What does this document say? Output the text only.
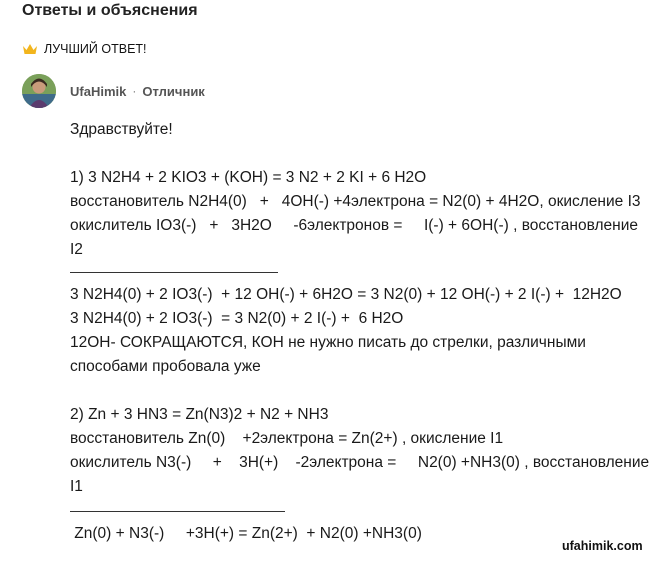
Ответы и объяснения
ЛУЧШИЙ ОТВЕТ!
UfaHimik · Отличник
Здравствуйте!
1) 3 N2H4 + 2 KIO3 + (KOH) = 3 N2 + 2 KI + 6 H2O
восстановитель N2H4(0)   +   4OH(-) +4электрона = N2(0) + 4H2O, окисление I3
окислитель IO3(-)   +   3H2O     -6электронов =     I(-) + 6OH(-) , восстановление
I2
3 N2H4(0) + 2 IO3(-)  + 12 OH(-) + 6H2O = 3 N2(0) + 12 OH(-) + 2 I(-) +  12H2O
3 N2H4(0) + 2 IO3(-)  = 3 N2(0) + 2 I(-) +  6 H2O
12OH- СОКРАЩАЮТСЯ, КОН не нужно писать до стрелки, различными способами пробовала уже
2) Zn + 3 HN3 = Zn(N3)2 + N2 + NH3
восстановитель Zn(0)    +2электрона = Zn(2+) , окисление I1
окислитель N3(-)     +    3H(+)    -2электрона =     N2(0) +NH3(0) , восстановление
I1
Zn(0) + N3(-)     +3H(+) = Zn(2+)  + N2(0) +NH3(0)
ufahimik.com
